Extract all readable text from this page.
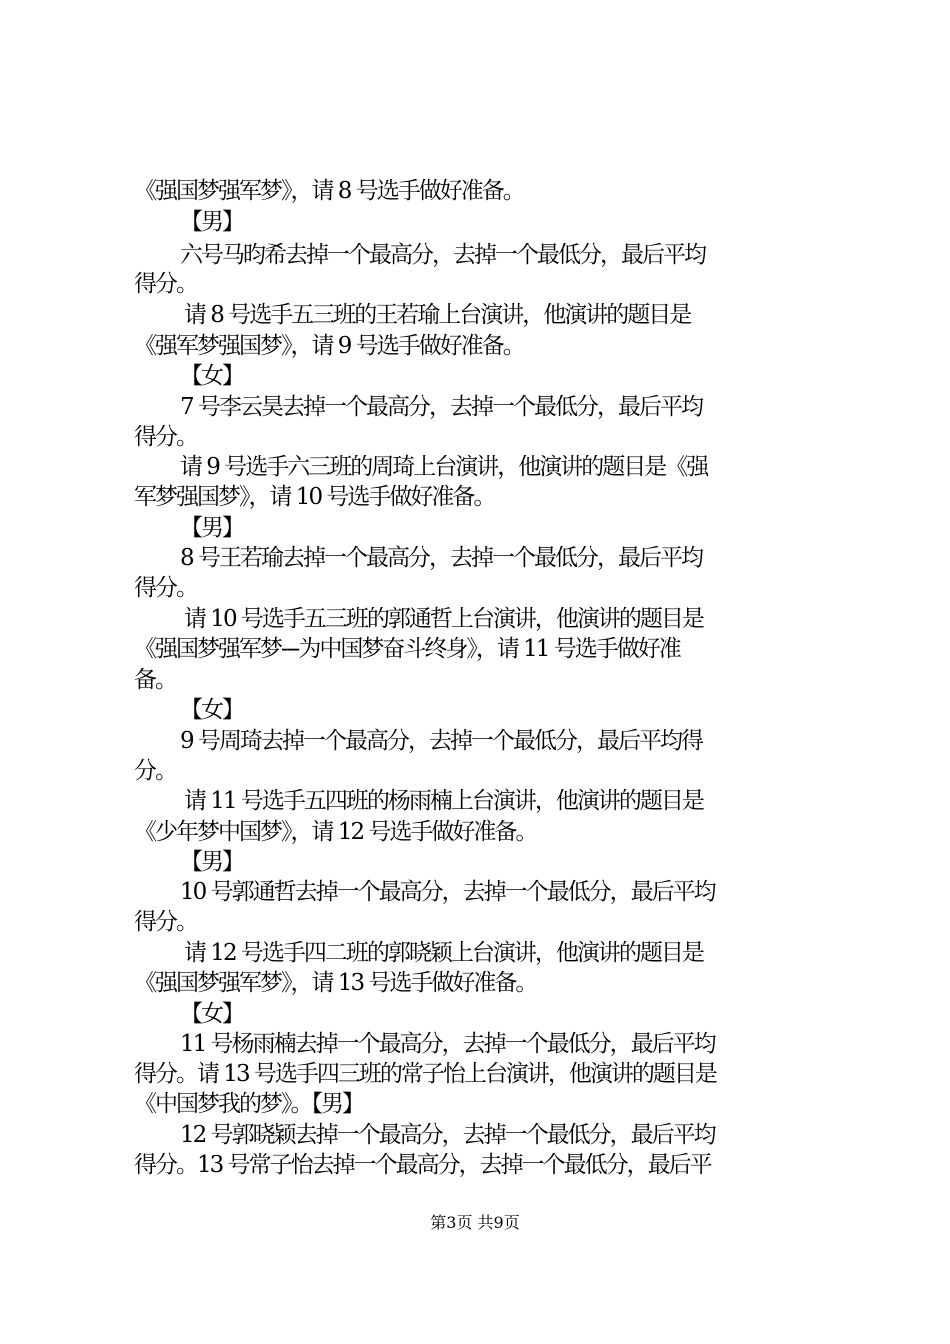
《强国梦强军梦》，请 8 号选手做好准备。
【男】
六号马昀希去掉一个最高分，去掉一个最低分，最后平均
得分。
请 8 号选手五三班的王若瑜上台演讲，他演讲的题目是
《强军梦强国梦》，请 9 号选手做好准备。
【女】
7 号李云昊去掉一个最高分，去掉一个最低分，最后平均
得分。
请 9 号选手六三班的周琦上台演讲，他演讲的题目是《强
军梦强国梦》，请 10 号选手做好准备。
【男】
8 号王若瑜去掉一个最高分，去掉一个最低分，最后平均
得分。
请 10 号选手五三班的郭通哲上台演讲，他演讲的题目是
《强国梦强军梦---为中国梦奋斗终身》，请 11 号选手做好准
备。
【女】
9 号周琦去掉一个最高分，去掉一个最低分，最后平均得
分。
请 11 号选手五四班的杨雨楠上台演讲，他演讲的题目是
《少年梦中国梦》，请 12 号选手做好准备。
【男】
10 号郭通哲去掉一个最高分，去掉一个最低分，最后平均
得分。
请 12 号选手四二班的郭晓颖上台演讲，他演讲的题目是
《强国梦强军梦》，请 13 号选手做好准备。
【女】
11 号杨雨楠去掉一个最高分，去掉一个最低分，最后平均
得分。请 13 号选手四三班的常子怡上台演讲，他演讲的题目是
《中国梦我的梦》。【男】
12 号郭晓颖去掉一个最高分，去掉一个最低分，最后平均
得分。13 号常子怡去掉一个最高分，去掉一个最低分，最后平
第3页 共9页
